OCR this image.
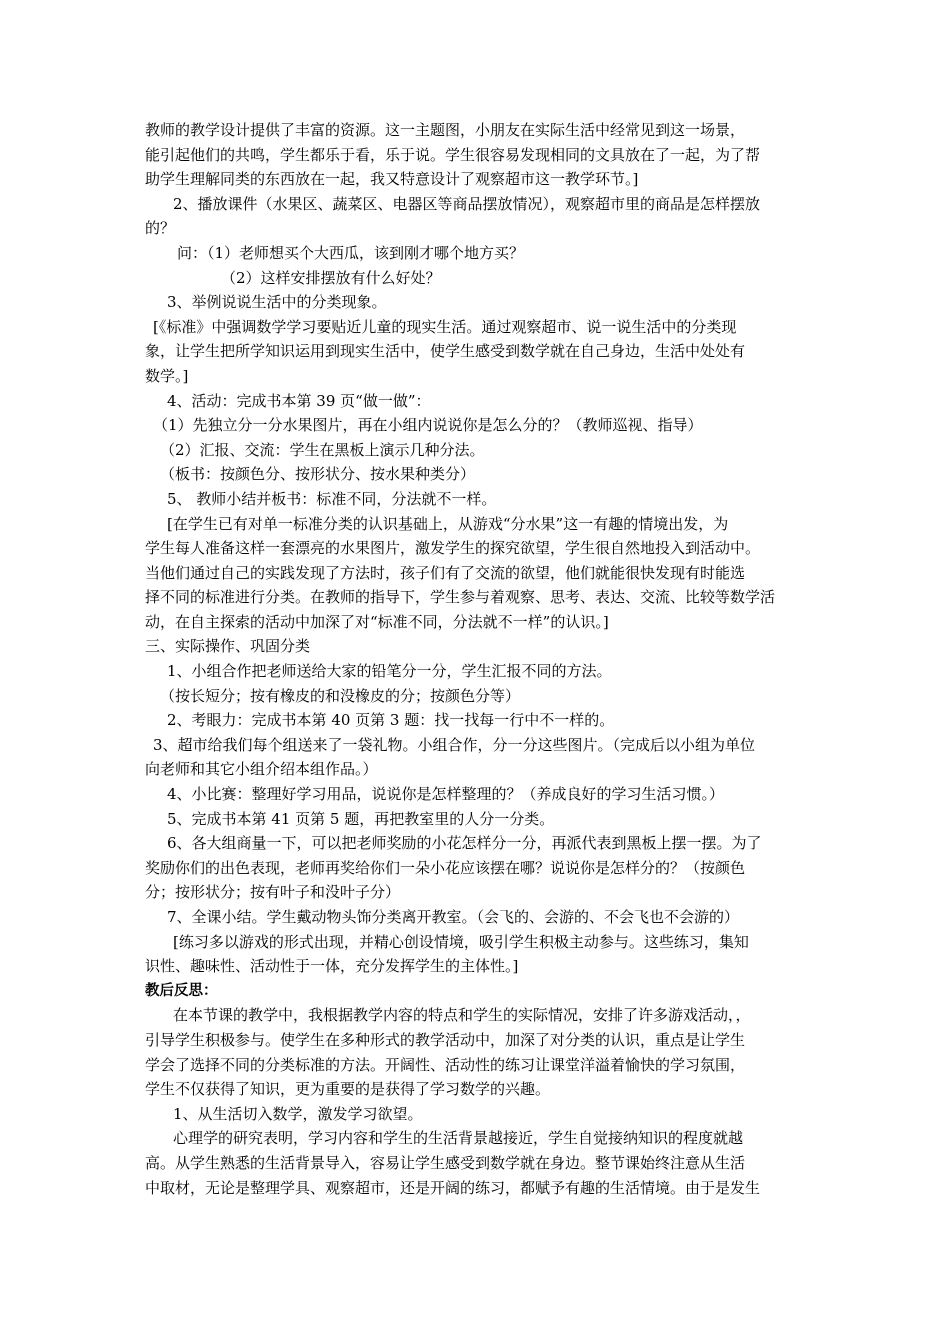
教师的教学设计提供了丰富的资源。这一主题图，小朋友在实际生活中经常见到这一场景，
能引起他们的共鸣，学生都乐于看，乐于说。学生很容易发现相同的文具放在了一起，为了帮
助学生理解同类的东西放在一起，我又特意设计了观察超市这一教学环节。]
2、播放课件（水果区、蔬菜区、电器区等商品摆放情况），观察超市里的商品是怎样摆放
的？
问：（1）老师想买个大西瓜，该到刚才哪个地方买？
（2）这样安排摆放有什么好处？
3、举例说说生活中的分类现象。
[《标准》中强调数学学习要贴近儿童的现实生活。通过观察超市、说一说生活中的分类现
象，让学生把所学知识运用到现实生活中，使学生感受到数学就在自己身边，生活中处处有
数学。]
4、活动：完成书本第 39 页“做一做”：
（1）先独立分一分水果图片，再在小组内说说你是怎么分的？（教师巡视、指导）
（2）汇报、交流：学生在黑板上演示几种分法。
（板书：按颜色分、按形状分、按水果种类分）
5、 教师小结并板书：标准不同，分法就不一样。
[在学生已有对单一标准分类的认识基础上，从游戏“分水果”这一有趣的情境出发，为
学生每人准备这样一套漂亮的水果图片，激发学生的探究欲望，学生很自然地投入到活动中。
当他们通过自己的实践发现了方法时，孩子们有了交流的欲望，他们就能很快发现有时能选
择不同的标准进行分类。在教师的指导下，学生参与着观察、思考、表达、交流、比较等数学活
动，在自主探索的活动中加深了对“标准不同，分法就不一样”的认识。]
三、实际操作、巩固分类
1、小组合作把老师送给大家的铅笔分一分，学生汇报不同的方法。
（按长短分；按有橡皮的和没橡皮的分；按颜色分等）
2、考眼力：完成书本第 40 页第 3 题：找一找每一行中不一样的。
3、超市给我们每个组送来了一袋礼物。小组合作，分一分这些图片。（完成后以小组为单位
向老师和其它小组介绍本组作品。）
4、小比赛：整理好学习用品，说说你是怎样整理的？（养成良好的学习生活习惯。）
5、完成书本第 41 页第 5 题，再把教室里的人分一分类。
6、各大组商量一下，可以把老师奖励的小花怎样分一分，再派代表到黑板上摆一摆。为了
奖励你们的出色表现，老师再奖给你们一朵小花应该摆在哪？说说你是怎样分的？（按颜色
分；按形状分；按有叶子和没叶子分）
7、全课小结。学生戴动物头饰分类离开教室。（会飞的、会游的、不会飞也不会游的）
[练习多以游戏的形式出现，并精心创设情境，吸引学生积极主动参与。这些练习，集知
识性、趣味性、活动性于一体，充分发挥学生的主体性。]
教后反思：
在本节课的教学中，我根据教学内容的特点和学生的实际情况，安排了许多游戏活动，，
引导学生积极参与。使学生在多种形式的教学活动中，加深了对分类的认识，重点是让学生
学会了选择不同的分类标准的方法。开阔性、活动性的练习让课堂洋溢着愉快的学习氛围，
学生不仅获得了知识，更为重要的是获得了学习数学的兴趣。
1、从生活切入数学，激发学习欲望。
心理学的研究表明，学习内容和学生的生活背景越接近，学生自觉接纳知识的程度就越
高。从学生熟悉的生活背景导入，容易让学生感受到数学就在身边。整节课始终注意从生活
中取材，无论是整理学具、观察超市，还是开阔的练习，都赋予有趣的生活情境。由于是发生
